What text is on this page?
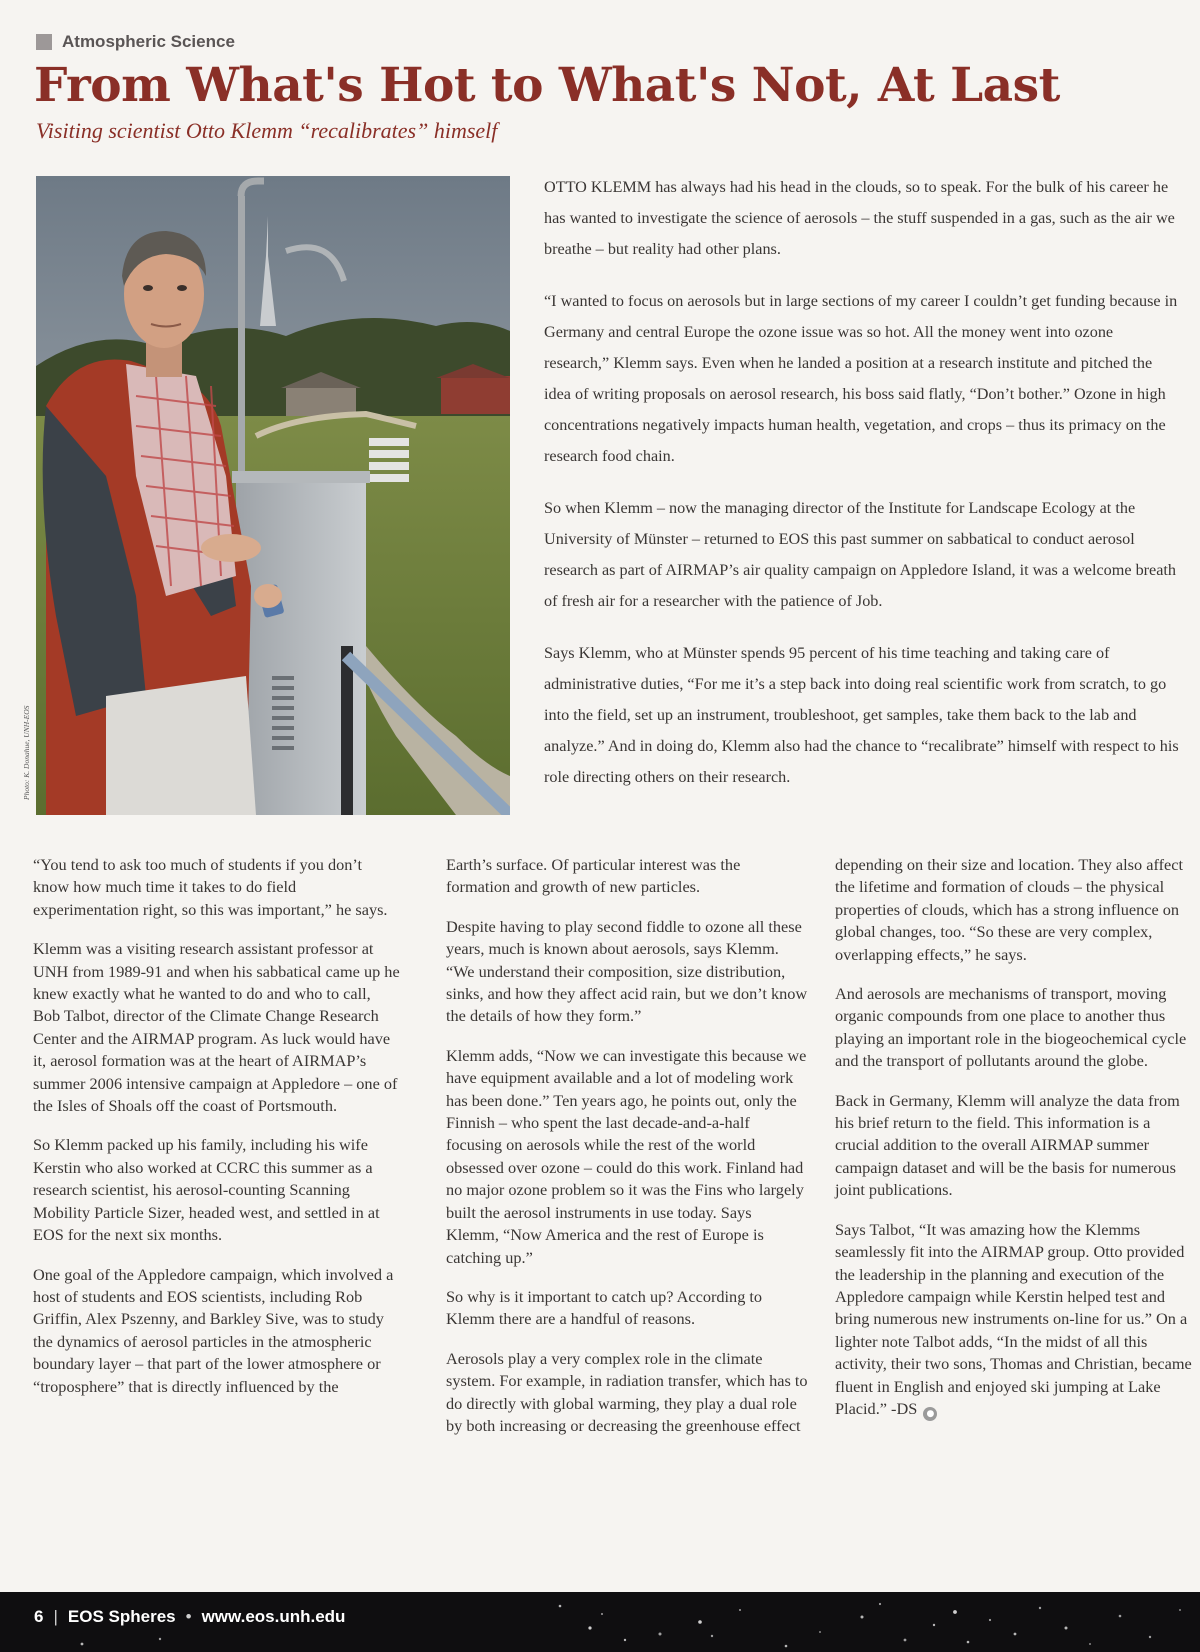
Atmospheric Science
From What's Hot to What's Not, At Last
Visiting scientist Otto Klemm “recalibrates” himself
Photo: K. Donahue, UNH-EOS

OTTO KLEMM has always had his head in the clouds, so to speak. For the bulk of his career he has wanted to investigate the science of aerosols – the stuff suspended in a gas, such as the air we breathe – but reality had other plans.

“I wanted to focus on aerosols but in large sections of my career I couldn’t get funding because in Germany and central Europe the ozone issue was so hot. All the money went into ozone research,” Klemm says. Even when he landed a position at a research institute and pitched the idea of writing proposals on aerosol research, his boss said flatly, “Don’t bother.” Ozone in high concentrations negatively impacts human health, vegetation, and crops – thus its primacy on the research food chain.

So when Klemm – now the managing director of the Institute for Landscape Ecology at the University of Münster – returned to EOS this past summer on sabbatical to conduct aerosol research as part of AIRMAP’s air quality campaign on Appledore Island, it was a welcome breath of fresh air for a researcher with the patience of Job.

Says Klemm, who at Münster spends 95 percent of his time teaching and taking care of administrative duties, “For me it’s a step back into doing real scientific work from scratch, to go into the field, set up an instrument, troubleshoot, get samples, take them back to the lab and analyze.” And in doing do, Klemm also had the chance to “recalibrate” himself with respect to his role directing others on their research.

“You tend to ask too much of students if you don’t know how much time it takes to do field experimentation right, so this was important,” he says.

Klemm was a visiting research assistant professor at UNH from 1989-91 and when his sabbatical came up he knew exactly what he wanted to do and who to call, Bob Talbot, director of the Climate Change Research Center and the AIRMAP program. As luck would have it, aerosol formation was at the heart of AIRMAP’s summer 2006 intensive campaign at Appledore – one of the Isles of Shoals off the coast of Portsmouth.

So Klemm packed up his family, including his wife Kerstin who also worked at CCRC this summer as a research scientist, his aerosol-counting Scanning Mobility Particle Sizer, headed west, and settled in at EOS for the next six months.

One goal of the Appledore campaign, which involved a host of students and EOS scientists, including Rob Griffin, Alex Pszenny, and Barkley Sive, was to study the dynamics of aerosol particles in the atmospheric boundary layer – that part of the lower atmosphere or “troposphere” that is directly influenced by the

Earth’s surface. Of particular interest was the formation and growth of new particles.

Despite having to play second fiddle to ozone all these years, much is known about aerosols, says Klemm. “We understand their composition, size distribution, sinks, and how they affect acid rain, but we don’t know the details of how they form.”

Klemm adds, “Now we can investigate this because we have equipment available and a lot of modeling work has been done.” Ten years ago, he points out, only the Finnish – who spent the last decade-and-a-half focusing on aerosols while the rest of the world obsessed over ozone – could do this work. Finland had no major ozone problem so it was the Fins who largely built the aerosol instruments in use today. Says Klemm, “Now America and the rest of Europe is catching up.”

So why is it important to catch up? According to Klemm there are a handful of reasons.

Aerosols play a very complex role in the climate system. For example, in radiation transfer, which has to do directly with global warming, they play a dual role by both increasing or decreasing the greenhouse effect

depending on their size and location. They also affect the lifetime and formation of clouds – the physical properties of clouds, which has a strong influence on global changes, too. “So these are very complex, overlapping effects,” he says.

And aerosols are mechanisms of transport, moving organic compounds from one place to another thus playing an important role in the biogeochemical cycle and the transport of pollutants around the globe.

Back in Germany, Klemm will analyze the data from his brief return to the field. This information is a crucial addition to the overall AIRMAP summer campaign dataset and will be the basis for numerous joint publications.

Says Talbot, “It was amazing how the Klemms seamlessly fit into the AIRMAP group. Otto provided the leadership in the planning and execution of the Appledore campaign while Kerstin helped test and bring numerous new instruments on-line for us.” On a lighter note Talbot adds, “In the midst of all this activity, their two sons, Thomas and Christian, became fluent in English and enjoyed ski jumping at Lake Placid.” -DS ●

6 | EOS Spheres • www.eos.unh.edu
